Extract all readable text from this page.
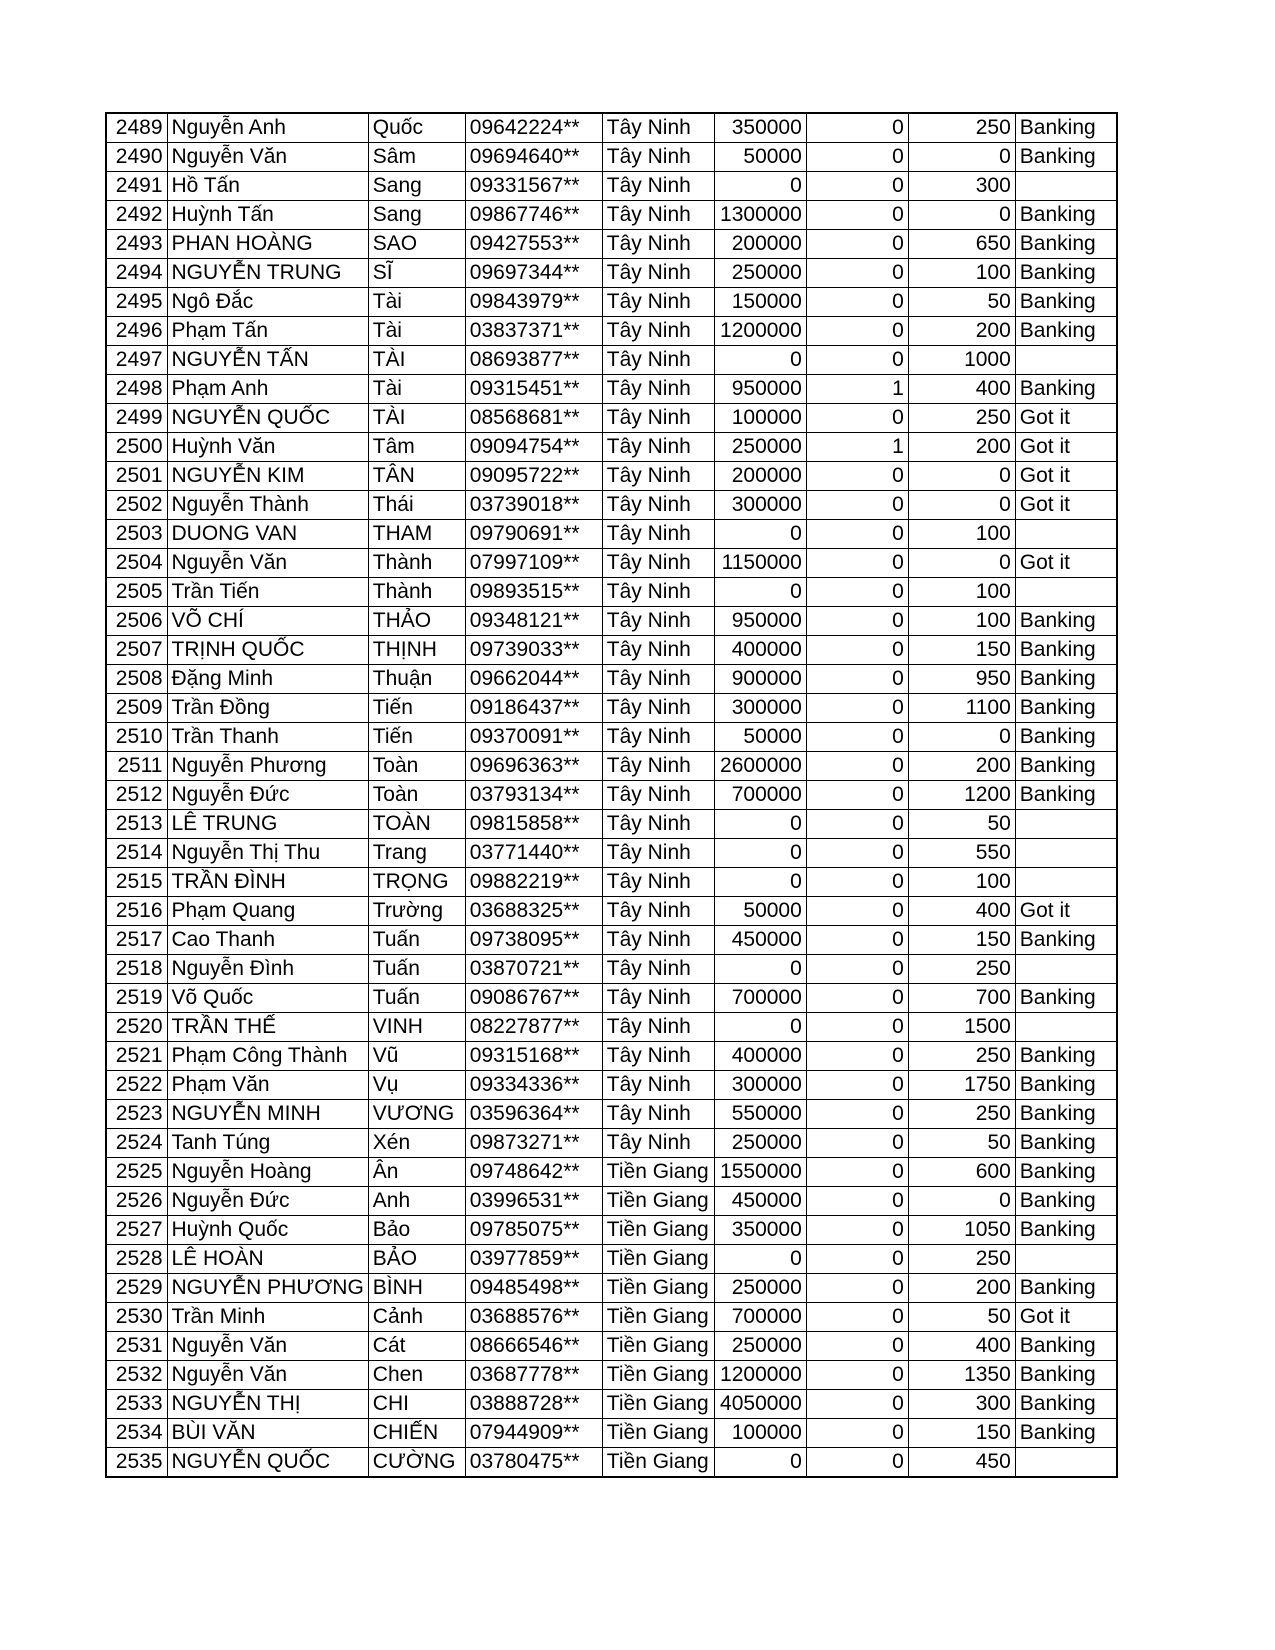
2489	Nguyễn Anh	Quốc	09642224**	Tây Ninh	350000	0	250	Banking
2490	Nguyễn Văn	Sâm	09694640**	Tây Ninh	50000	0	0	Banking
2491	Hồ Tấn	Sang	09331567**	Tây Ninh	0	0	300	
2492	Huỳnh Tấn	Sang	09867746**	Tây Ninh	1300000	0	0	Banking
2493	PHAN HOÀNG	SAO	09427553**	Tây Ninh	200000	0	650	Banking
2494	NGUYỄN TRUNG	SĨ	09697344**	Tây Ninh	250000	0	100	Banking
2495	Ngô Đắc	Tài	09843979**	Tây Ninh	150000	0	50	Banking
2496	Phạm Tấn	Tài	03837371**	Tây Ninh	1200000	0	200	Banking
2497	NGUYỄN TẤN	TÀI	08693877**	Tây Ninh	0	0	1000	
2498	Phạm Anh	Tài	09315451**	Tây Ninh	950000	1	400	Banking
2499	NGUYỄN QUỐC	TÀI	08568681**	Tây Ninh	100000	0	250	Got it
2500	Huỳnh Văn	Tâm	09094754**	Tây Ninh	250000	1	200	Got it
2501	NGUYỄN KIM	TÂN	09095722**	Tây Ninh	200000	0	0	Got it
2502	Nguyễn Thành	Thái	03739018**	Tây Ninh	300000	0	0	Got it
2503	DUONG VAN	THAM	09790691**	Tây Ninh	0	0	100	
2504	Nguyễn Văn	Thành	07997109**	Tây Ninh	1150000	0	0	Got it
2505	Trần Tiến	Thành	09893515**	Tây Ninh	0	0	100	
2506	VÕ CHÍ	THẢO	09348121**	Tây Ninh	950000	0	100	Banking
2507	TRỊNH QUỐC	THỊNH	09739033**	Tây Ninh	400000	0	150	Banking
2508	Đặng Minh	Thuận	09662044**	Tây Ninh	900000	0	950	Banking
2509	Trần Đồng	Tiến	09186437**	Tây Ninh	300000	0	1100	Banking
2510	Trần Thanh	Tiến	09370091**	Tây Ninh	50000	0	0	Banking
2511	Nguyễn Phương	Toàn	09696363**	Tây Ninh	2600000	0	200	Banking
2512	Nguyễn Đức	Toàn	03793134**	Tây Ninh	700000	0	1200	Banking
2513	LÊ TRUNG	TOÀN	09815858**	Tây Ninh	0	0	50	
2514	Nguyễn Thị Thu	Trang	03771440**	Tây Ninh	0	0	550	
2515	TRẦN ĐÌNH	TRỌNG	09882219**	Tây Ninh	0	0	100	
2516	Phạm Quang	Trường	03688325**	Tây Ninh	50000	0	400	Got it
2517	Cao Thanh	Tuấn	09738095**	Tây Ninh	450000	0	150	Banking
2518	Nguyễn Đình	Tuấn	03870721**	Tây Ninh	0	0	250	
2519	Võ Quốc	Tuấn	09086767**	Tây Ninh	700000	0	700	Banking
2520	TRẦN THẾ	VINH	08227877**	Tây Ninh	0	0	1500	
2521	Phạm Công Thành	Vũ	09315168**	Tây Ninh	400000	0	250	Banking
2522	Phạm Văn	Vụ	09334336**	Tây Ninh	300000	0	1750	Banking
2523	NGUYỄN MINH	VƯƠNG	03596364**	Tây Ninh	550000	0	250	Banking
2524	Tanh Túng	Xén	09873271**	Tây Ninh	250000	0	50	Banking
2525	Nguyễn Hoàng	Ân	09748642**	Tiền Giang	1550000	0	600	Banking
2526	Nguyễn Đức	Anh	03996531**	Tiền Giang	450000	0	0	Banking
2527	Huỳnh Quốc	Bảo	09785075**	Tiền Giang	350000	0	1050	Banking
2528	LÊ HOÀN	BẢO	03977859**	Tiền Giang	0	0	250	
2529	NGUYỄN PHƯƠNG	BÌNH	09485498**	Tiền Giang	250000	0	200	Banking
2530	Trần Minh	Cảnh	03688576**	Tiền Giang	700000	0	50	Got it
2531	Nguyễn Văn	Cát	08666546**	Tiền Giang	250000	0	400	Banking
2532	Nguyễn Văn	Chen	03687778**	Tiền Giang	1200000	0	1350	Banking
2533	NGUYỄN THỊ	CHI	03888728**	Tiền Giang	4050000	0	300	Banking
2534	BÙI VĂN	CHIẾN	07944909**	Tiền Giang	100000	0	150	Banking
2535	NGUYỄN QUỐC	CƯỜNG	03780475**	Tiền Giang	0	0	450	
